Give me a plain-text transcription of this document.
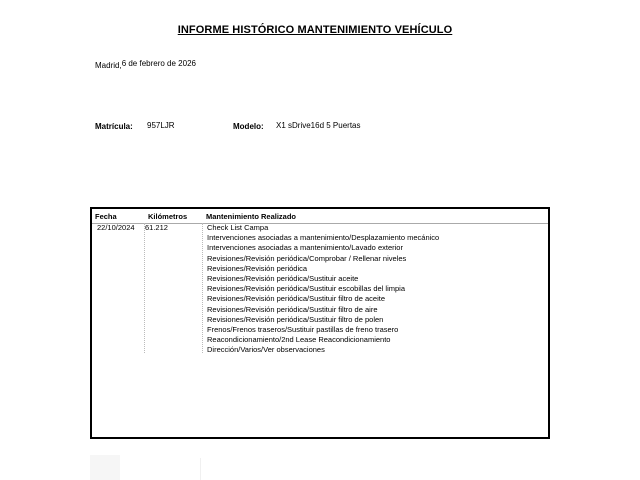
INFORME HISTÓRICO MANTENIMIENTO VEHÍCULO
Madrid,6 de febrero de 2026
Matrícula: 957LJR	Modelo: X1 sDrive16d 5 Puertas
Fecha	Kilómetros	Mantenimiento Realizado
22/10/2024 61.212	Check List Campa
Intervenciones asociadas a mantenimiento/Desplazamiento mecánico
Intervenciones asociadas a mantenimiento/Lavado exterior
Revisiones/Revisión periódica/Comprobar / Rellenar niveles
Revisiones/Revisión periódica
Revisiones/Revisión periódica/Sustituir aceite
Revisiones/Revisión periódica/Sustituir escobillas del limpia
Revisiones/Revisión periódica/Sustituir filtro de aceite
Revisiones/Revisión periódica/Sustituir filtro de aire
Revisiones/Revisión periódica/Sustituir filtro de polen
Frenos/Frenos traseros/Sustituir pastillas de freno trasero
Reacondicionamiento/2nd Lease Reacondicionamiento
Dirección/Varios/Ver observaciones
